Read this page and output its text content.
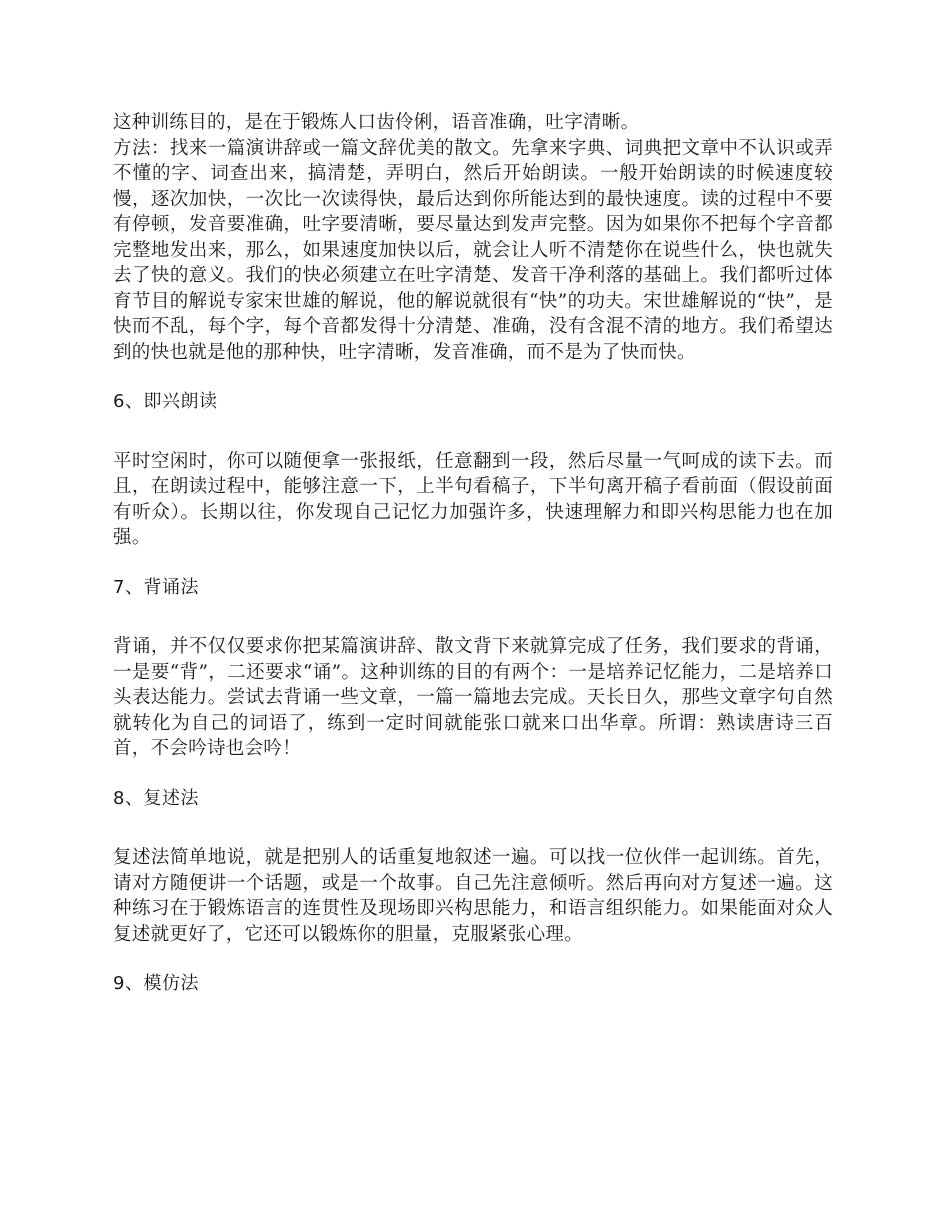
这种训练目的，是在于锻炼人口齿伶俐，语音准确，吐字清晰。

方法：找来一篇演讲辞或一篇文辞优美的散文。先拿来字典、词典把文章中不认识或弄不懂的字、词查出来，搞清楚，弄明白，然后开始朗读。一般开始朗读的时候速度较慢，逐次加快，一次比一次读得快，最后达到你所能达到的最快速度。读的过程中不要有停顿，发音要准确，吐字要清晰，要尽量达到发声完整。因为如果你不把每个字音都完整地发出来，那么，如果速度加快以后，就会让人听不清楚你在说些什么，快也就失去了快的意义。我们的快必须建立在吐字清楚、发音干净利落的基础上。我们都听过体育节目的解说专家宋世雄的解说，他的解说就很有“快”的功夫。宋世雄解说的“快”，是快而不乱，每个字，每个音都发得十分清楚、准确，没有含混不清的地方。我们希望达到的快也就是他的那种快，吐字清晰，发音准确，而不是为了快而快。

6、即兴朗读

平时空闲时，你可以随便拿一张报纸，任意翻到一段，然后尽量一气呵成的读下去。而且，在朗读过程中，能够注意一下，上半句看稿子，下半句离开稿子看前面（假设前面有听众）。长期以往，你发现自己记忆力加强许多，快速理解力和即兴构思能力也在加强。

7、背诵法

背诵，并不仅仅要求你把某篇演讲辞、散文背下来就算完成了任务，我们要求的背诵，一是要“背”，二还要求“诵”。这种训练的目的有两个：一是培养记忆能力，二是培养口头表达能力。尝试去背诵一些文章，一篇一篇地去完成。天长日久，那些文章字句自然就转化为自己的词语了，练到一定时间就能张口就来口出华章。所谓：熟读唐诗三百首，不会吟诗也会吟！

8、复述法

复述法简单地说，就是把别人的话重复地叙述一遍。可以找一位伙伴一起训练。首先，请对方随便讲一个话题，或是一个故事。自己先注意倾听。然后再向对方复述一遍。这种练习在于锻炼语言的连贯性及现场即兴构思能力，和语言组织能力。如果能面对众人复述就更好了，它还可以锻炼你的胆量，克服紧张心理。

9、模仿法
